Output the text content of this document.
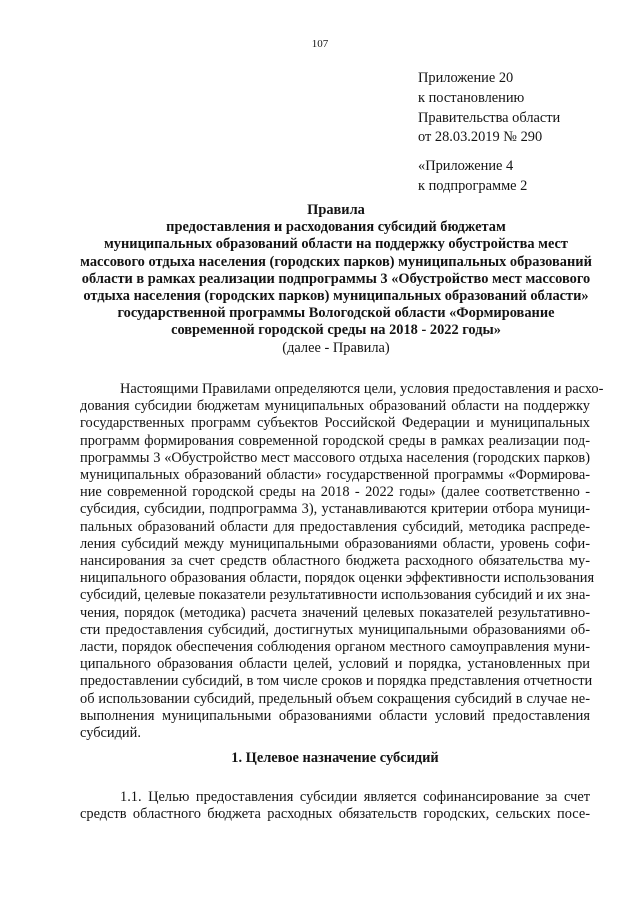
107
Приложение 20
к постановлению
Правительства области
от 28.03.2019 № 290
«Приложение 4
к подпрограмме 2
Правила
предоставления и расходования субсидий бюджетам
муниципальных образований области на поддержку обустройства мест
массового отдыха населения (городских парков) муниципальных образований
области в рамках реализации подпрограммы 3 «Обустройство мест массового
отдыха населения (городских парков) муниципальных образований области»
государственной программы Вологодской области «Формирование
современной городской среды на 2018 - 2022 годы»
(далее - Правила)
Настоящими Правилами определяются цели, условия предоставления и расхо-
дования субсидии бюджетам муниципальных образований области на поддержку
государственных программ субъектов Российской Федерации и муниципальных
программ формирования современной городской среды в рамках реализации под-
программы 3 «Обустройство мест массового отдыха населения (городских парков)
муниципальных образований области» государственной программы «Формирова-
ние современной городской среды на 2018 - 2022 годы» (далее соответственно -
субсидия, субсидии, подпрограмма 3), устанавливаются критерии отбора муници-
пальных образований области для предоставления субсидий, методика распреде-
ления субсидий между муниципальными образованиями области, уровень софи-
нансирования за счет средств областного бюджета расходного обязательства му-
ниципального образования области, порядок оценки эффективности использования
субсидий, целевые показатели результативности использования субсидий и их зна-
чения, порядок (методика) расчета значений целевых показателей результативно-
сти предоставления субсидий, достигнутых муниципальными образованиями об-
ласти, порядок обеспечения соблюдения органом местного самоуправления муни-
ципального образования области целей, условий и порядка, установленных при
предоставлении субсидий, в том числе сроков и порядка представления отчетности
об использовании субсидий, предельный объем сокращения субсидий в случае не-
выполнения муниципальными образованиями области условий предоставления
субсидий.
1. Целевое назначение субсидий
1.1. Целью предоставления субсидии является софинансирование за счет
средств областного бюджета расходных обязательств городских, сельских посе-
